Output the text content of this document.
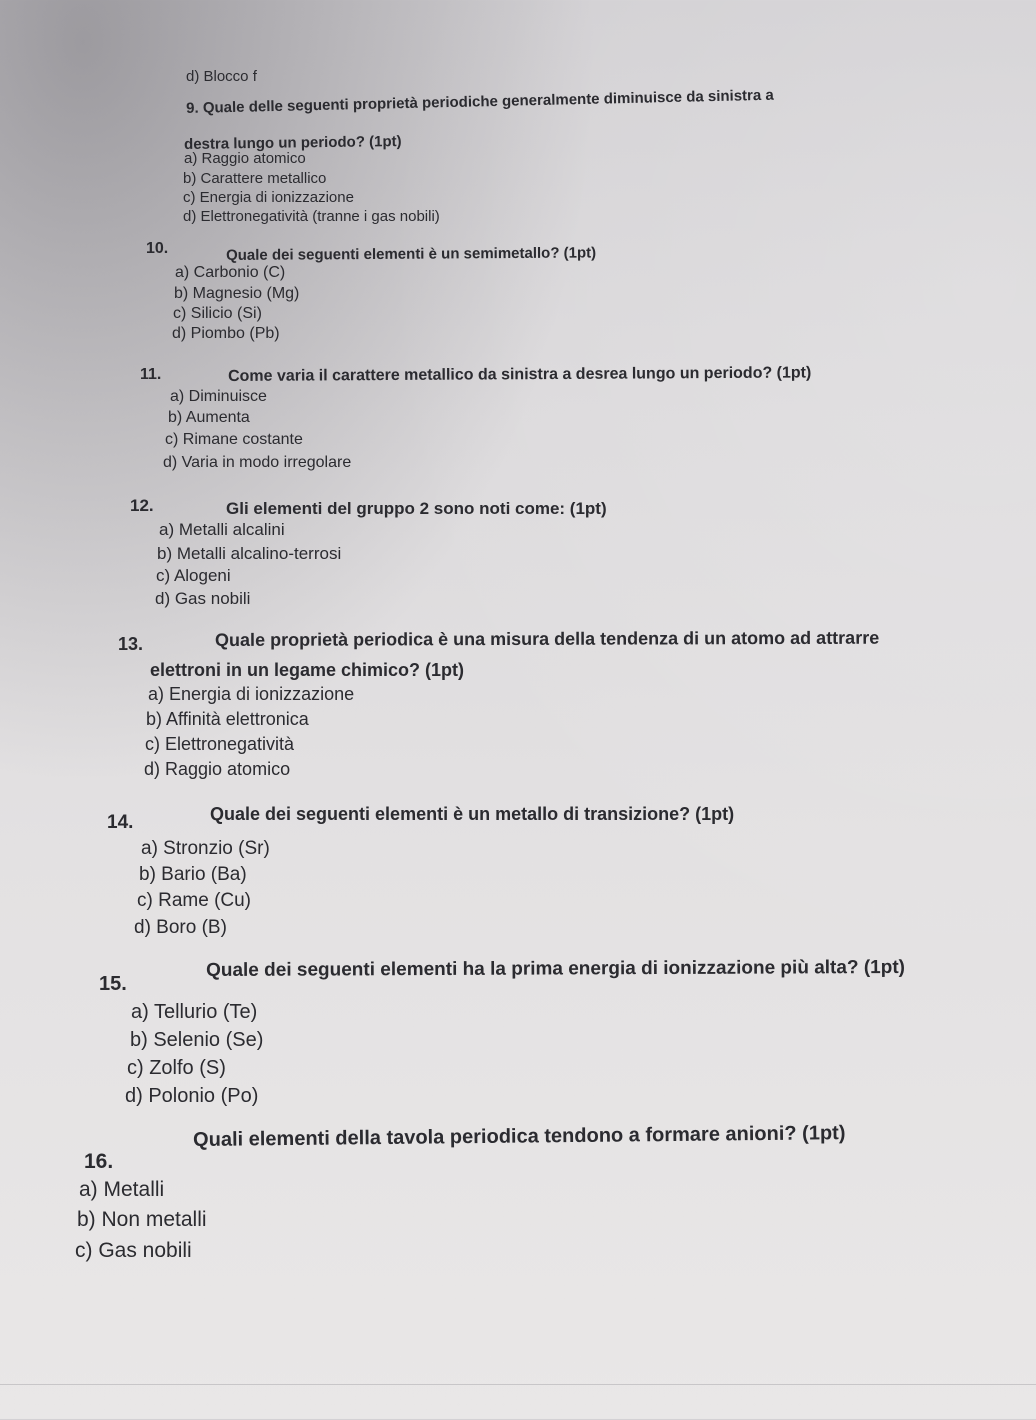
d) Blocco f
9. Quale delle seguenti proprietà periodiche generalmente diminuisce da sinistra a
destra lungo un periodo? (1pt)
a) Raggio atomico
b) Carattere metallico
c) Energia di ionizzazione
d) Elettronegatività (tranne i gas nobili)
10.	Quale dei seguenti elementi è un semimetallo? (1pt)
a) Carbonio (C)
b) Magnesio (Mg)
c) Silicio (Si)
d) Piombo (Pb)
11.	Come varia il carattere metallico da sinistra a desrea lungo un periodo? (1pt)
a) Diminuisce
b) Aumenta
c) Rimane costante
d) Varia in modo irregolare
12.	Gli elementi del gruppo 2 sono noti come: (1pt)
a) Metalli alcalini
b) Metalli alcalino-terrosi
c) Alogeni
d) Gas nobili
13.	Quale proprietà periodica è una misura della tendenza di un atomo ad attrarre
elettroni in un legame chimico? (1pt)
a) Energia di ionizzazione
b) Affinità elettronica
c) Elettronegatività
d) Raggio atomico
14.	Quale dei seguenti elementi è un metallo di transizione? (1pt)
a) Stronzio (Sr)
b) Bario (Ba)
c) Rame (Cu)
d) Boro (B)
15.
Quale dei seguenti elementi ha la prima energia di ionizzazione più alta? (1pt)
a) Tellurio (Te)
b) Selenio (Se)
c) Zolfo (S)
d) Polonio (Po)
16.
Quali elementi della tavola periodica tendono a formare anioni? (1pt)
a) Metalli
b) Non metalli
c) Gas nobili
